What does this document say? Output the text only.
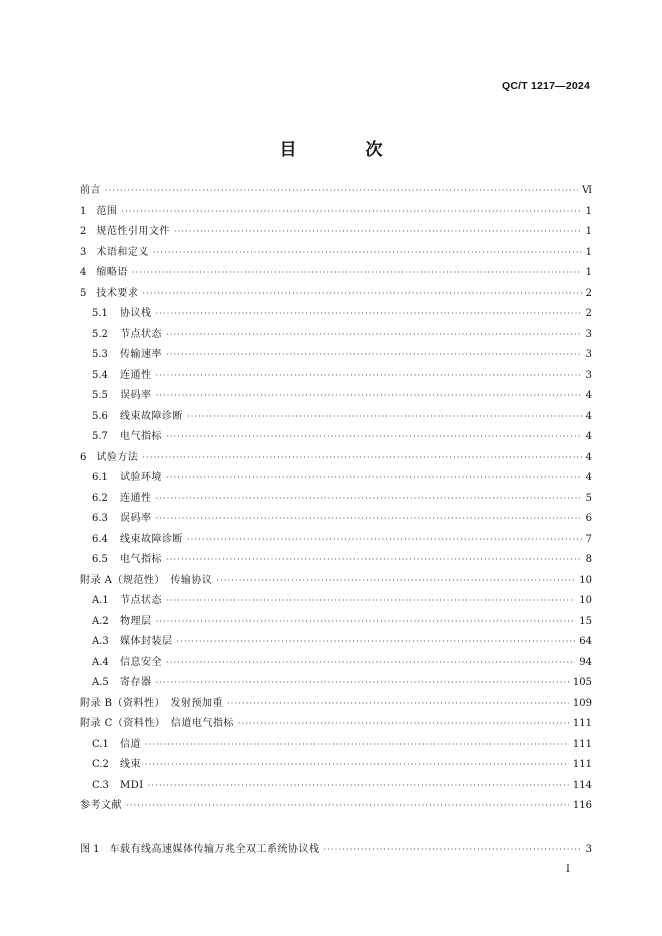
QC/T 1217—2024
目　次
前言 ·····	Ⅵ
1 范围 ·····	1
2 规范性引用文件 ·····	1
3 术语和定义 ·····	1
4 缩略语 ·····	1
5 技术要求 ·····	2
5.1 协议栈 ·····	2
5.2 节点状态 ·····	3
5.3 传输速率 ·····	3
5.4 连通性 ·····	3
5.5 误码率 ·····	4
5.6 线束故障诊断 ·····	4
5.7 电气指标 ·····	4
6 试验方法 ·····	4
6.1 试验环境 ·····	4
6.2 连通性 ·····	5
6.3 误码率 ·····	6
6.4 线束故障诊断 ·····	7
6.5 电气指标 ·····	8
附录 A（规范性）　传输协议 ·····	10
A.1 节点状态 ·····	10
A.2 物理层 ·····	15
A.3 媒体封装层 ·····	64
A.4 信息安全 ·····	94
A.5 寄存器 ·····	105
附录 B（资料性）　发射预加重 ·····	109
附录 C（资料性）　信道电气指标 ·····	111
C.1 信道 ·····	111
C.2 线束 ·····	111
C.3 MDI ·····	114
参考文献 ·····	116
图 1 车载有线高速媒体传输万兆全双工系统协议栈 ·····	3
I
